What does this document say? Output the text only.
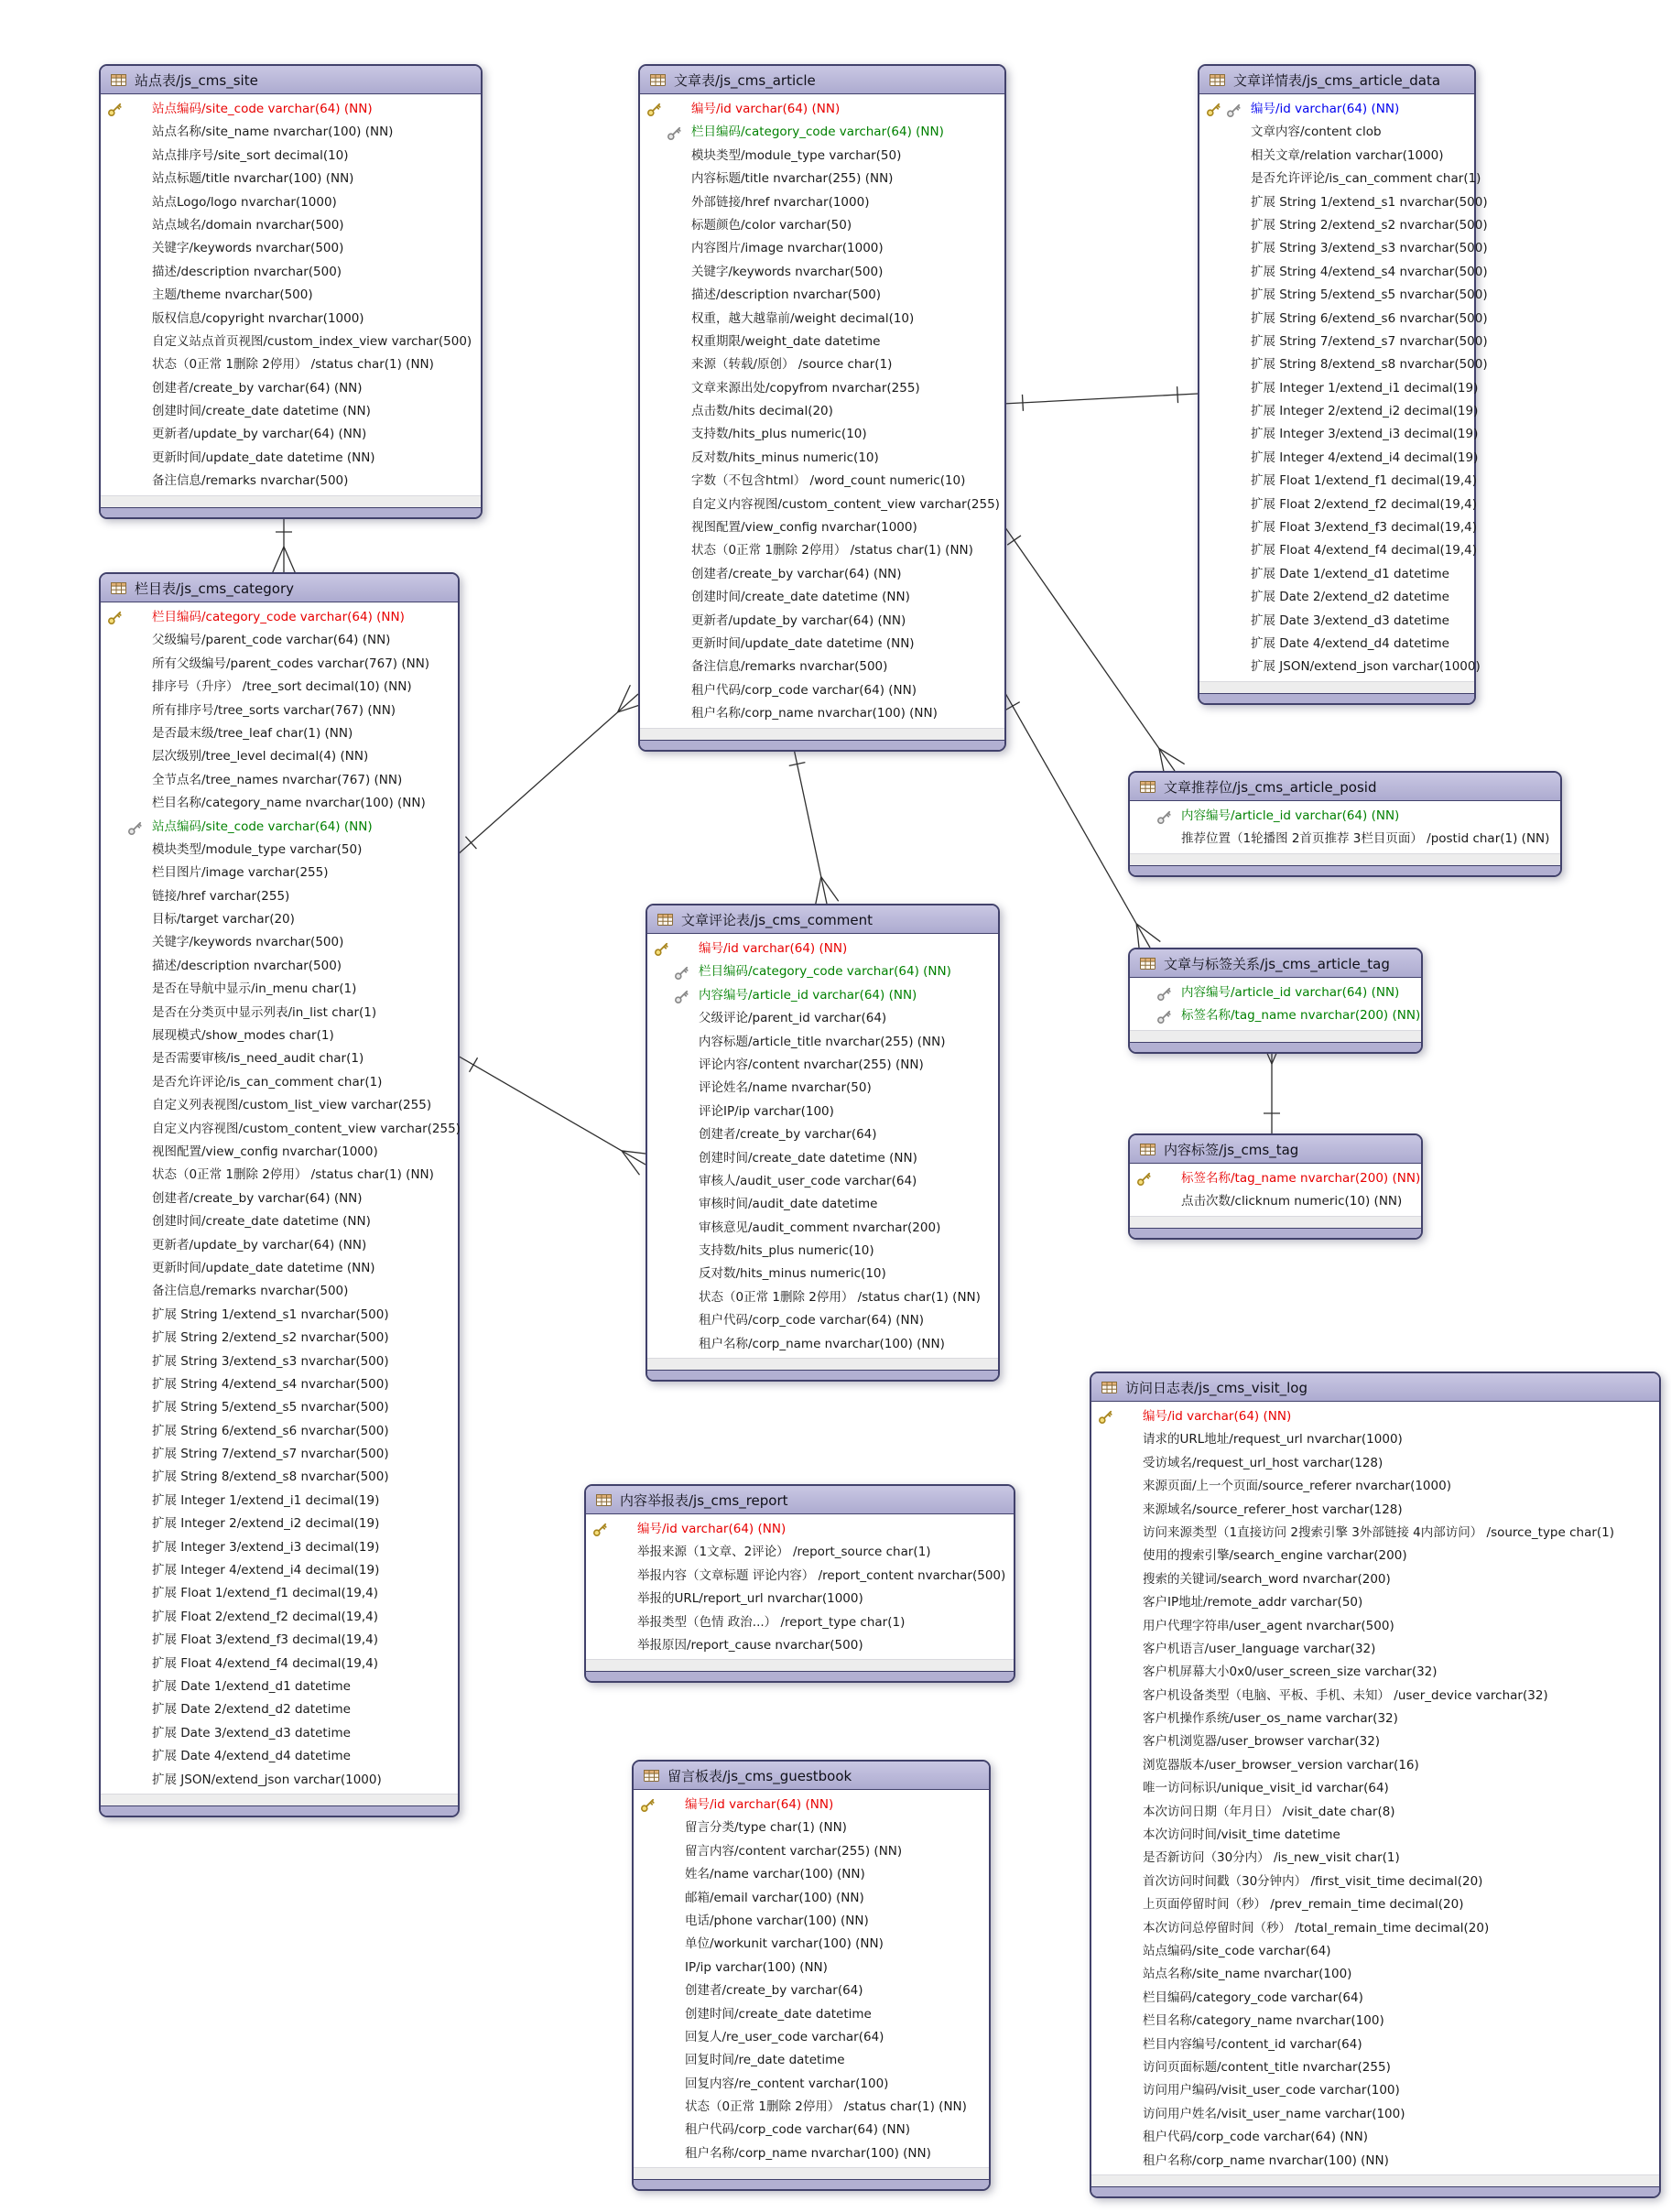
站点表/js_cms_site
站点编码/site_code varchar(64) (NN)
站点名称/site_name nvarchar(100) (NN)
站点排序号/site_sort decimal(10)
站点标题/title nvarchar(100) (NN)
站点Logo/logo nvarchar(1000)
站点域名/domain nvarchar(500)
关键字/keywords nvarchar(500)
描述/description nvarchar(500)
主题/theme nvarchar(500)
版权信息/copyright nvarchar(1000)
自定义站点首页视图/custom_index_view varchar(500)
状态（0正常 1删除 2停用） /status char(1) (NN)
创建者/create_by varchar(64) (NN)
创建时间/create_date datetime (NN)
更新者/update_by varchar(64) (NN)
更新时间/update_date datetime (NN)
备注信息/remarks nvarchar(500)
文章表/js_cms_article
编号/id varchar(64) (NN)
栏目编码/category_code varchar(64) (NN)
模块类型/module_type varchar(50)
内容标题/title nvarchar(255) (NN)
外部链接/href nvarchar(1000)
标题颜色/color varchar(50)
内容图片/image nvarchar(1000)
关键字/keywords nvarchar(500)
描述/description nvarchar(500)
权重，越大越靠前/weight decimal(10)
权重期限/weight_date datetime
来源（转载/原创） /source char(1)
文章来源出处/copyfrom nvarchar(255)
点击数/hits decimal(20)
支持数/hits_plus numeric(10)
反对数/hits_minus numeric(10)
字数（不包含html） /word_count numeric(10)
自定义内容视图/custom_content_view varchar(255)
视图配置/view_config nvarchar(1000)
状态（0正常 1删除 2停用） /status char(1) (NN)
创建者/create_by varchar(64) (NN)
创建时间/create_date datetime (NN)
更新者/update_by varchar(64) (NN)
更新时间/update_date datetime (NN)
备注信息/remarks nvarchar(500)
租户代码/corp_code varchar(64) (NN)
租户名称/corp_name nvarchar(100) (NN)
文章详情表/js_cms_article_data
编号/id varchar(64) (NN)
文章内容/content clob
相关文章/relation varchar(1000)
是否允许评论/is_can_comment char(1)
扩展 String 1/extend_s1 nvarchar(500)
扩展 String 2/extend_s2 nvarchar(500)
扩展 String 3/extend_s3 nvarchar(500)
扩展 String 4/extend_s4 nvarchar(500)
扩展 String 5/extend_s5 nvarchar(500)
扩展 String 6/extend_s6 nvarchar(500)
扩展 String 7/extend_s7 nvarchar(500)
扩展 String 8/extend_s8 nvarchar(500)
扩展 Integer 1/extend_i1 decimal(19)
扩展 Integer 2/extend_i2 decimal(19)
扩展 Integer 3/extend_i3 decimal(19)
扩展 Integer 4/extend_i4 decimal(19)
扩展 Float 1/extend_f1 decimal(19,4)
扩展 Float 2/extend_f2 decimal(19,4)
扩展 Float 3/extend_f3 decimal(19,4)
扩展 Float 4/extend_f4 decimal(19,4)
扩展 Date 1/extend_d1 datetime
扩展 Date 2/extend_d2 datetime
扩展 Date 3/extend_d3 datetime
扩展 Date 4/extend_d4 datetime
扩展 JSON/extend_json varchar(1000)
栏目表/js_cms_category
栏目编码/category_code varchar(64) (NN)
父级编号/parent_code varchar(64) (NN)
所有父级编号/parent_codes varchar(767) (NN)
排序号（升序） /tree_sort decimal(10) (NN)
所有排序号/tree_sorts varchar(767) (NN)
是否最末级/tree_leaf char(1) (NN)
层次级别/tree_level decimal(4) (NN)
全节点名/tree_names nvarchar(767) (NN)
栏目名称/category_name nvarchar(100) (NN)
站点编码/site_code varchar(64) (NN)
模块类型/module_type varchar(50)
栏目图片/image varchar(255)
链接/href varchar(255)
目标/target varchar(20)
关键字/keywords nvarchar(500)
描述/description nvarchar(500)
是否在导航中显示/in_menu char(1)
是否在分类页中显示列表/in_list char(1)
展现模式/show_modes char(1)
是否需要审核/is_need_audit char(1)
是否允许评论/is_can_comment char(1)
自定义列表视图/custom_list_view varchar(255)
自定义内容视图/custom_content_view varchar(255)
视图配置/view_config nvarchar(1000)
状态（0正常 1删除 2停用） /status char(1) (NN)
创建者/create_by varchar(64) (NN)
创建时间/create_date datetime (NN)
更新者/update_by varchar(64) (NN)
更新时间/update_date datetime (NN)
备注信息/remarks nvarchar(500)
扩展 String 1/extend_s1 nvarchar(500)
扩展 String 2/extend_s2 nvarchar(500)
扩展 String 3/extend_s3 nvarchar(500)
扩展 String 4/extend_s4 nvarchar(500)
扩展 String 5/extend_s5 nvarchar(500)
扩展 String 6/extend_s6 nvarchar(500)
扩展 String 7/extend_s7 nvarchar(500)
扩展 String 8/extend_s8 nvarchar(500)
扩展 Integer 1/extend_i1 decimal(19)
扩展 Integer 2/extend_i2 decimal(19)
扩展 Integer 3/extend_i3 decimal(19)
扩展 Integer 4/extend_i4 decimal(19)
扩展 Float 1/extend_f1 decimal(19,4)
扩展 Float 2/extend_f2 decimal(19,4)
扩展 Float 3/extend_f3 decimal(19,4)
扩展 Float 4/extend_f4 decimal(19,4)
扩展 Date 1/extend_d1 datetime
扩展 Date 2/extend_d2 datetime
扩展 Date 3/extend_d3 datetime
扩展 Date 4/extend_d4 datetime
扩展 JSON/extend_json varchar(1000)
文章评论表/js_cms_comment
编号/id varchar(64) (NN)
栏目编码/category_code varchar(64) (NN)
内容编号/article_id varchar(64) (NN)
父级评论/parent_id varchar(64)
内容标题/article_title nvarchar(255) (NN)
评论内容/content nvarchar(255) (NN)
评论姓名/name nvarchar(50)
评论IP/ip varchar(100)
创建者/create_by varchar(64)
创建时间/create_date datetime (NN)
审核人/audit_user_code varchar(64)
审核时间/audit_date datetime
审核意见/audit_comment nvarchar(200)
支持数/hits_plus numeric(10)
反对数/hits_minus numeric(10)
状态（0正常 1删除 2停用） /status char(1) (NN)
租户代码/corp_code varchar(64) (NN)
租户名称/corp_name nvarchar(100) (NN)
文章推荐位/js_cms_article_posid
内容编号/article_id varchar(64) (NN)
推荐位置（1轮播图 2首页推荐 3栏目页面） /postid char(1) (NN)
文章与标签关系/js_cms_article_tag
内容编号/article_id varchar(64) (NN)
标签名称/tag_name nvarchar(200) (NN)
内容标签/js_cms_tag
标签名称/tag_name nvarchar(200) (NN)
点击次数/clicknum numeric(10) (NN)
内容举报表/js_cms_report
编号/id varchar(64) (NN)
举报来源（1文章、2评论） /report_source char(1)
举报内容（文章标题 评论内容） /report_content nvarchar(500)
举报的URL/report_url nvarchar(1000)
举报类型（色情 政治...） /report_type char(1)
举报原因/report_cause nvarchar(500)
留言板表/js_cms_guestbook
编号/id varchar(64) (NN)
留言分类/type char(1) (NN)
留言内容/content varchar(255) (NN)
姓名/name varchar(100) (NN)
邮箱/email varchar(100) (NN)
电话/phone varchar(100) (NN)
单位/workunit varchar(100) (NN)
IP/ip varchar(100) (NN)
创建者/create_by varchar(64)
创建时间/create_date datetime
回复人/re_user_code varchar(64)
回复时间/re_date datetime
回复内容/re_content varchar(100)
状态（0正常 1删除 2停用） /status char(1) (NN)
租户代码/corp_code varchar(64) (NN)
租户名称/corp_name nvarchar(100) (NN)
访问日志表/js_cms_visit_log
编号/id varchar(64) (NN)
请求的URL地址/request_url nvarchar(1000)
受访域名/request_url_host varchar(128)
来源页面/上一个页面/source_referer nvarchar(1000)
来源域名/source_referer_host varchar(128)
访问来源类型（1直接访问 2搜索引擎 3外部链接 4内部访问） /source_type char(1)
使用的搜索引擎/search_engine varchar(200)
搜索的关键词/search_word nvarchar(200)
客户IP地址/remote_addr varchar(50)
用户代理字符串/user_agent nvarchar(500)
客户机语言/user_language varchar(32)
客户机屏幕大小0x0/user_screen_size varchar(32)
客户机设备类型（电脑、平板、手机、未知） /user_device varchar(32)
客户机操作系统/user_os_name varchar(32)
客户机浏览器/user_browser varchar(32)
浏览器版本/user_browser_version varchar(16)
唯一访问标识/unique_visit_id varchar(64)
本次访问日期（年月日） /visit_date char(8)
本次访问时间/visit_time datetime
是否新访问（30分内） /is_new_visit char(1)
首次访问时间戳（30分钟内） /first_visit_time decimal(20)
上页面停留时间（秒） /prev_remain_time decimal(20)
本次访问总停留时间（秒） /total_remain_time decimal(20)
站点编码/site_code varchar(64)
站点名称/site_name nvarchar(100)
栏目编码/category_code varchar(64)
栏目名称/category_name nvarchar(100)
栏目内容编号/content_id varchar(64)
访问页面标题/content_title nvarchar(255)
访问用户编码/visit_user_code varchar(100)
访问用户姓名/visit_user_name varchar(100)
租户代码/corp_code varchar(64) (NN)
租户名称/corp_name nvarchar(100) (NN)
